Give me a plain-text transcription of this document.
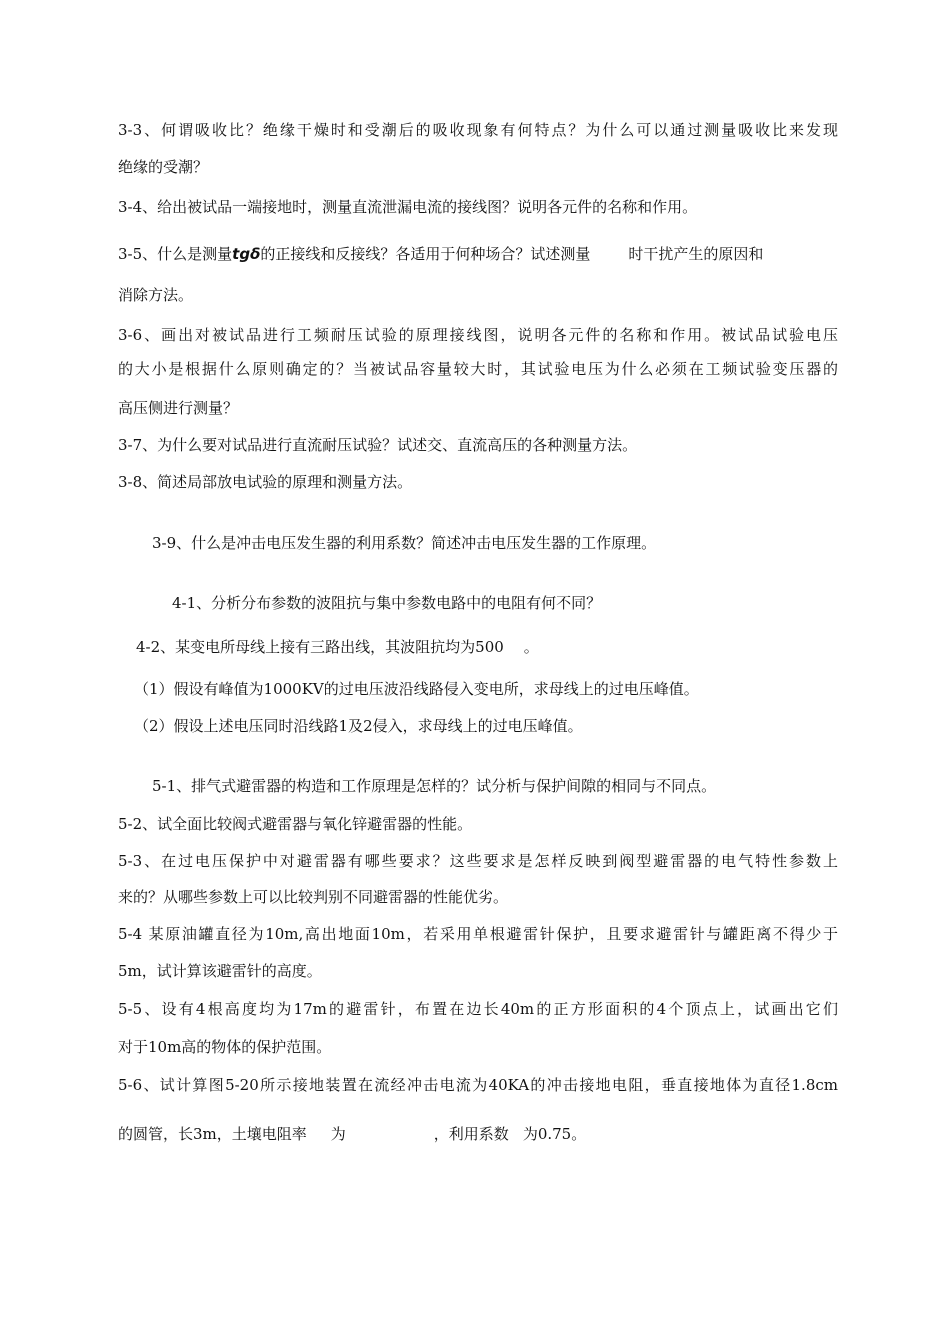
3-3、何谓吸收比？绝缘干燥时和受潮后的吸收现象有何特点？为什么可以通过测量吸收比来发现
绝缘的受潮？
3-4、给出被试品一端接地时，测量直流泄漏电流的接线图？说明各元件的名称和作用。
3-5、什么是测量tgδ的正接线和反接线？各适用于何种场合？试述测量	时干扰产生的原因和
消除方法。
3-6、画出对被试品进行工频耐压试验的原理接线图，说明各元件的名称和作用。被试品试验电压
的大小是根据什么原则确定的？当被试品容量较大时，其试验电压为什么必须在工频试验变压器的
高压侧进行测量？
3-7、为什么要对试品进行直流耐压试验？试述交、直流高压的各种测量方法。
3-8、简述局部放电试验的原理和测量方法。
3-9、什么是冲击电压发生器的利用系数？简述冲击电压发生器的工作原理。
4-1、分析分布参数的波阻抗与集中参数电路中的电阻有何不同？
4-2、某变电所母线上接有三路出线，其波阻抗均为500 。
（1）假设有峰值为1000KV的过电压波沿线路侵入变电所，求母线上的过电压峰值。
（2）假设上述电压同时沿线路1及2侵入，求母线上的过电压峰值。
5-1、排气式避雷器的构造和工作原理是怎样的？试分析与保护间隙的相同与不同点。
5-2、试全面比较阀式避雷器与氧化锌避雷器的性能。
5-3、在过电压保护中对避雷器有哪些要求？这些要求是怎样反映到阀型避雷器的电气特性参数上
来的？从哪些参数上可以比较判别不同避雷器的性能优劣。
5-4 某原油罐直径为10m,高出地面10m，若采用单根避雷针保护，且要求避雷针与罐距离不得少于
5m，试计算该避雷针的高度。
5-5、设有4根高度均为17m的避雷针，布置在边长40m的正方形面积的4个顶点上，试画出它们
对于10m高的物体的保护范围。
5-6、试计算图5-20所示接地装置在流经冲击电流为40KA的冲击接地电阻，垂直接地体为直径1.8cm
的圆管，长3m，土壤电阻率 为	，利用系数 为0.75。
